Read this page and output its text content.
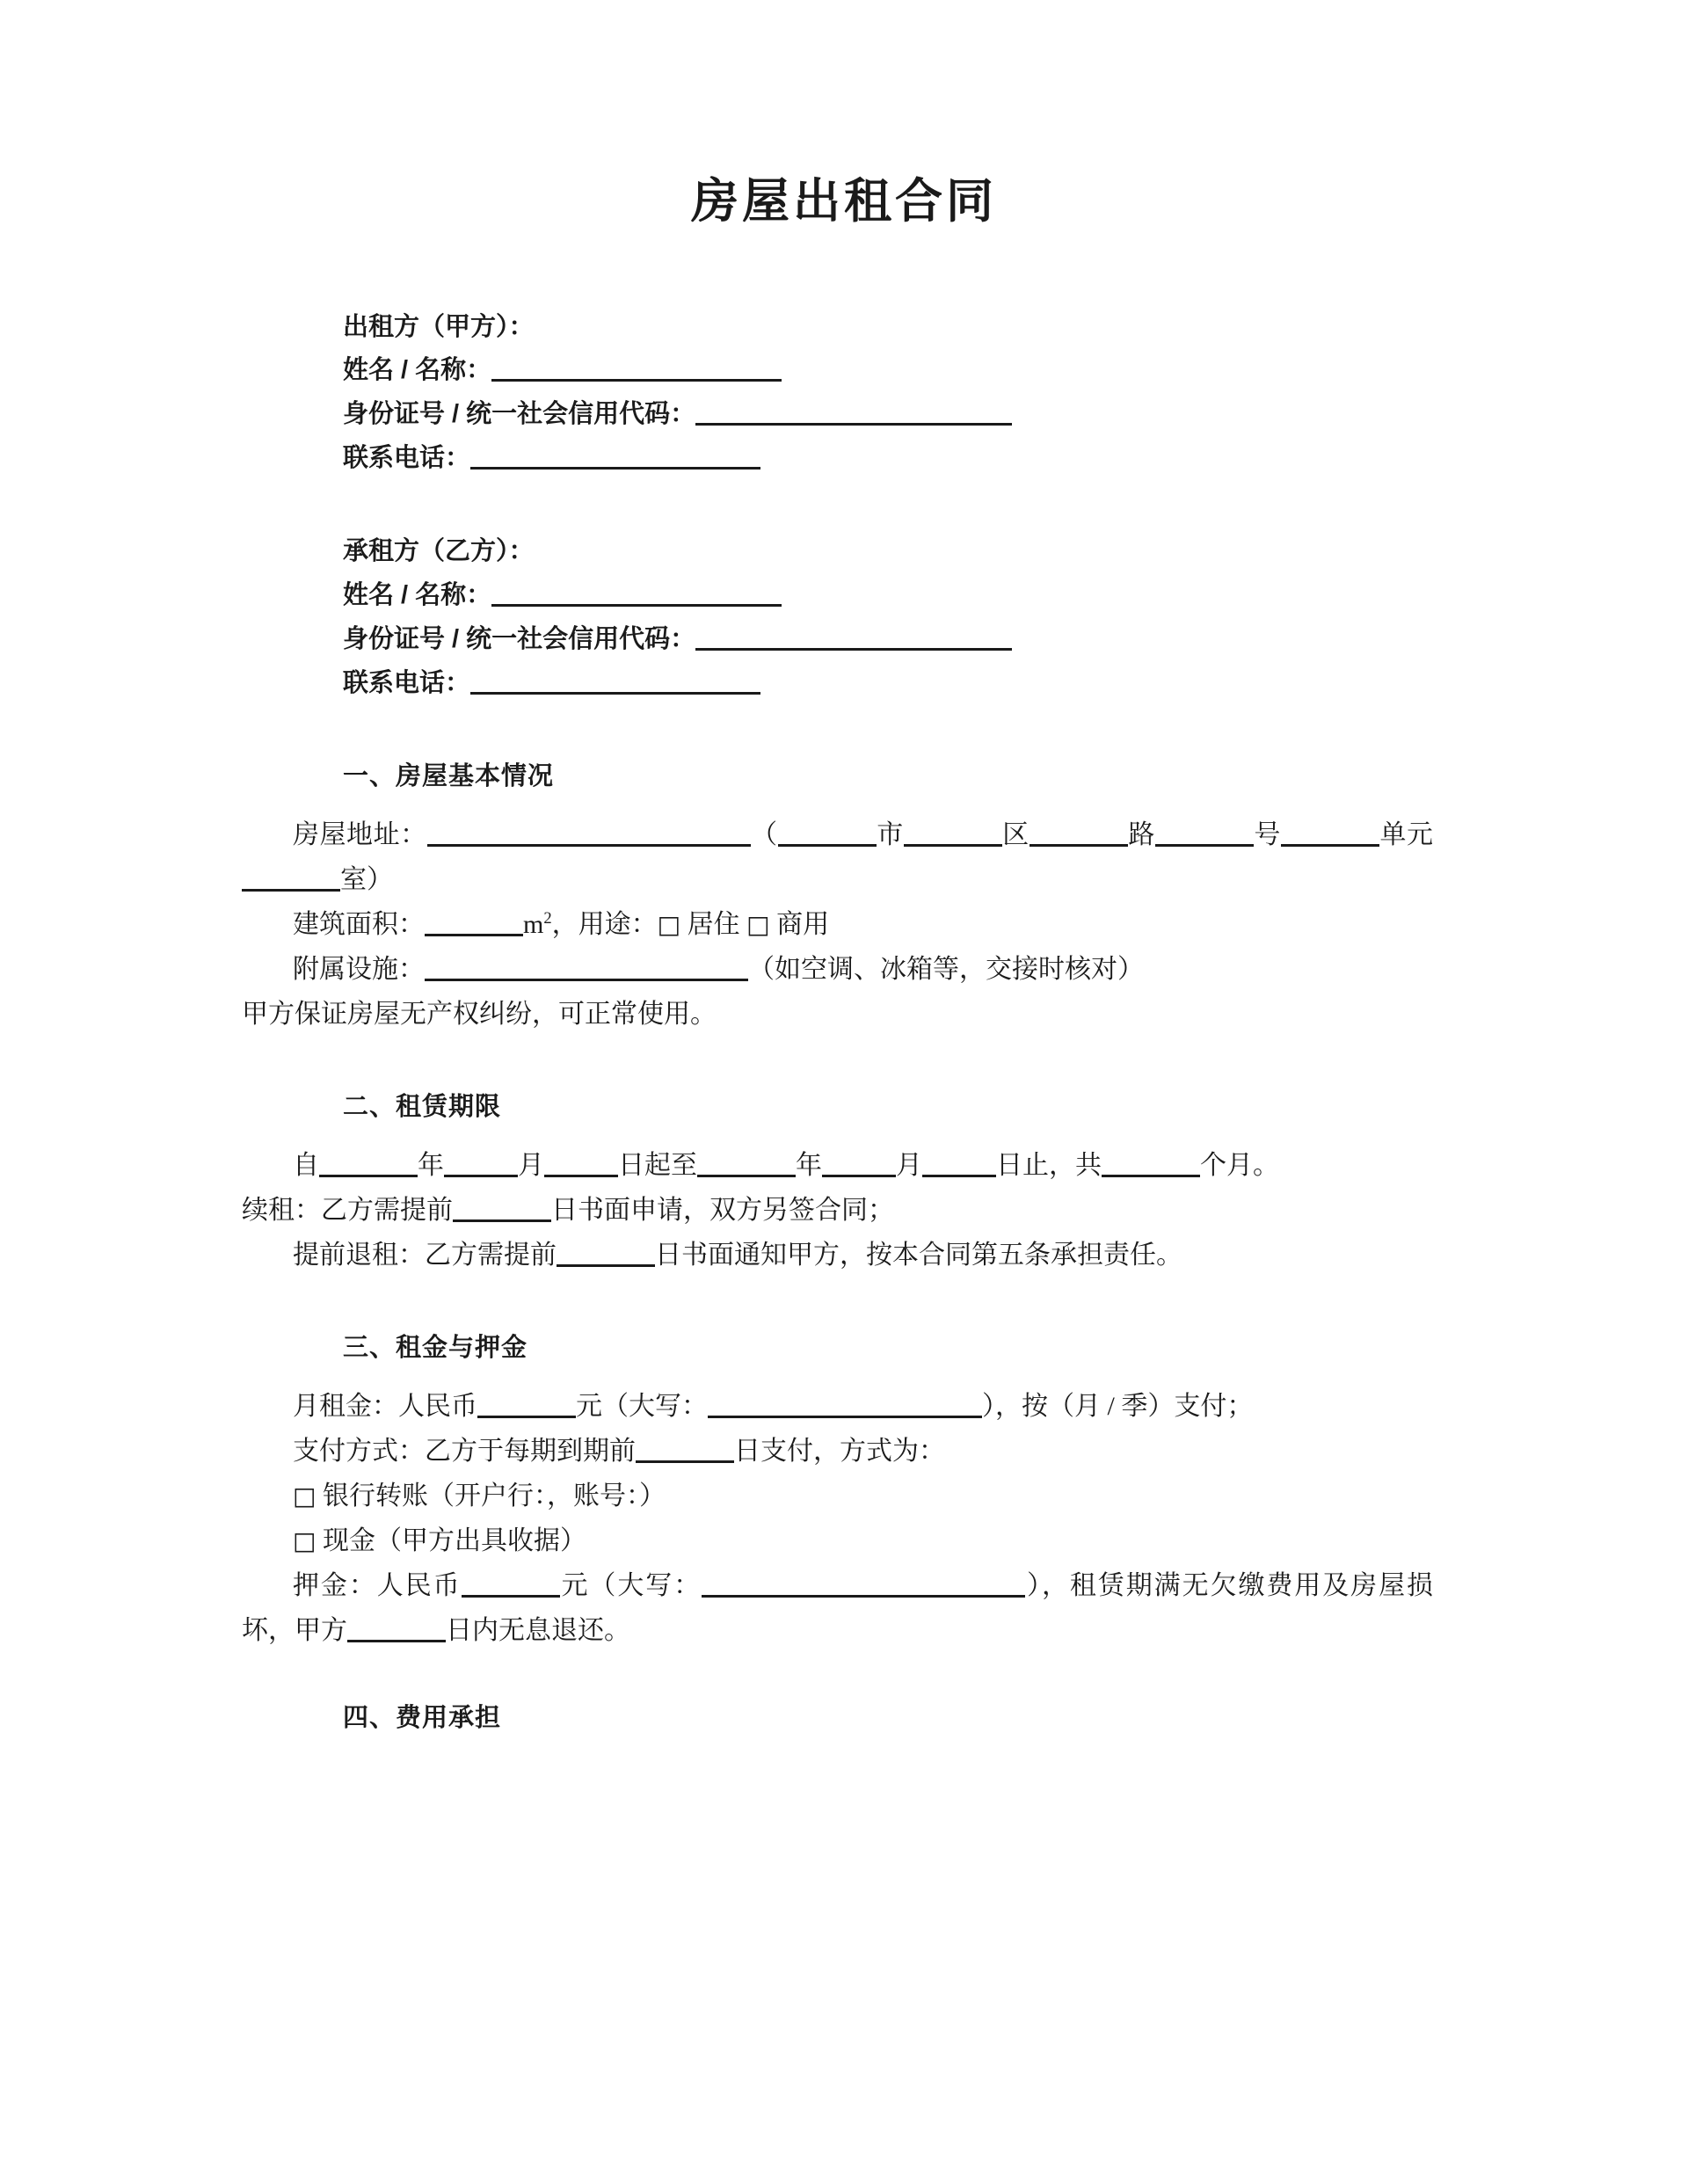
房屋出租合同
出租方（甲方）：
姓名 / 名称：
身份证号 / 统一社会信用代码：
联系电话：
承租方（乙方）：
姓名 / 名称：
身份证号 / 统一社会信用代码：
联系电话：
一、房屋基本情况

房屋地址：	（	市	区	路	号	单元室）

建筑面积：	$m^2$，用途：□ 居住 □ 商用

附属设施：	（如空调、冰箱等，交接时核对）

甲方保证房屋无产权纠纷，可正常使用。

二、租赁期限

自	年	月	日起至	年	月	日止，共	个月。

续租：乙方需提前	日书面申请，双方另签合同；

提前退租：乙方需提前	日书面通知甲方，按本合同第五条承担责任。

三、租金与押金

月租金：人民币	元（大写：	），按（月 / 季）支付；

支付方式：乙方于每期到期前	日支付，方式为：

□ 银行转账（开户行：，账号：）

□ 现金（甲方出具收据）

押金：人民币	元（大写：	），租赁期满无欠缴费用及房屋损坏，甲方	日内无息退还。

四、费用承担
